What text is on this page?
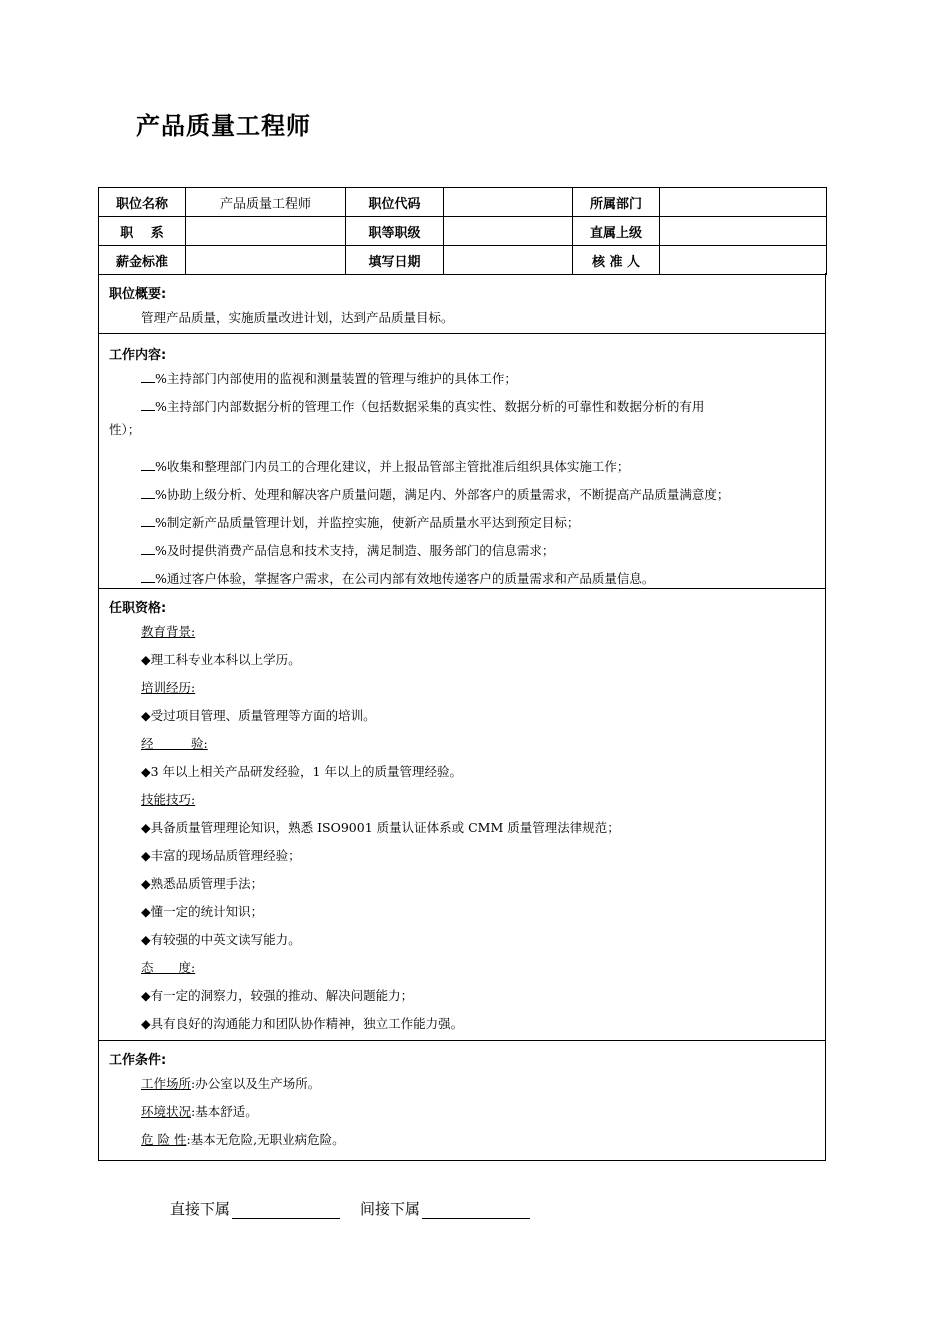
产品质量工程师
职位名称	产品质量工程师	职位代码		所属部门	
职　 系		职等职级		直属上级	
薪金标准		填写日期		核 准 人	
职位概要:
管理产品质量，实施质量改进计划，达到产品质量目标。
工作内容:
%主持部门内部使用的监视和测量装置的管理与维护的具体工作；
%主持部门内部数据分析的管理工作（包括数据采集的真实性、数据分析的可靠性和数据分析的有用
%收集和整理部门内员工的合理化建议，并上报品管部主管批准后组织具体实施工作；
%协助上级分析、处理和解决客户质量问题，满足内、外部客户的质量需求，不断提高产品质量满意度；
%制定新产品质量管理计划，并监控实施，使新产品质量水平达到预定目标；
%及时提供消费产品信息和技术支持，满足制造、服务部门的信息需求；
%通过客户体验，掌握客户需求，在公司内部有效地传递客户的质量需求和产品质量信息。
性）；
任职资格:
教育背景:
◆理工科专业本科以上学历。
培训经历:
◆受过项目管理、质量管理等方面的培训。
经　　　验:
◆3 年以上相关产品研发经验，1 年以上的质量管理经验。
技能技巧:
◆具备质量管理理论知识，熟悉 ISO9001 质量认证体系或 CMM 质量管理法律规范；
◆丰富的现场品质管理经验；
◆熟悉品质管理手法；
◆懂一定的统计知识；
◆有较强的中英文读写能力。
态　　度:
◆有一定的洞察力，较强的推动、解决问题能力；
◆具有良好的沟通能力和团队协作精神，独立工作能力强。
工作条件:
工作场所:办公室以及生产场所。
环境状况:基本舒适。
危 险 性:基本无危险,无职业病危险。
直接下属	间接下属
